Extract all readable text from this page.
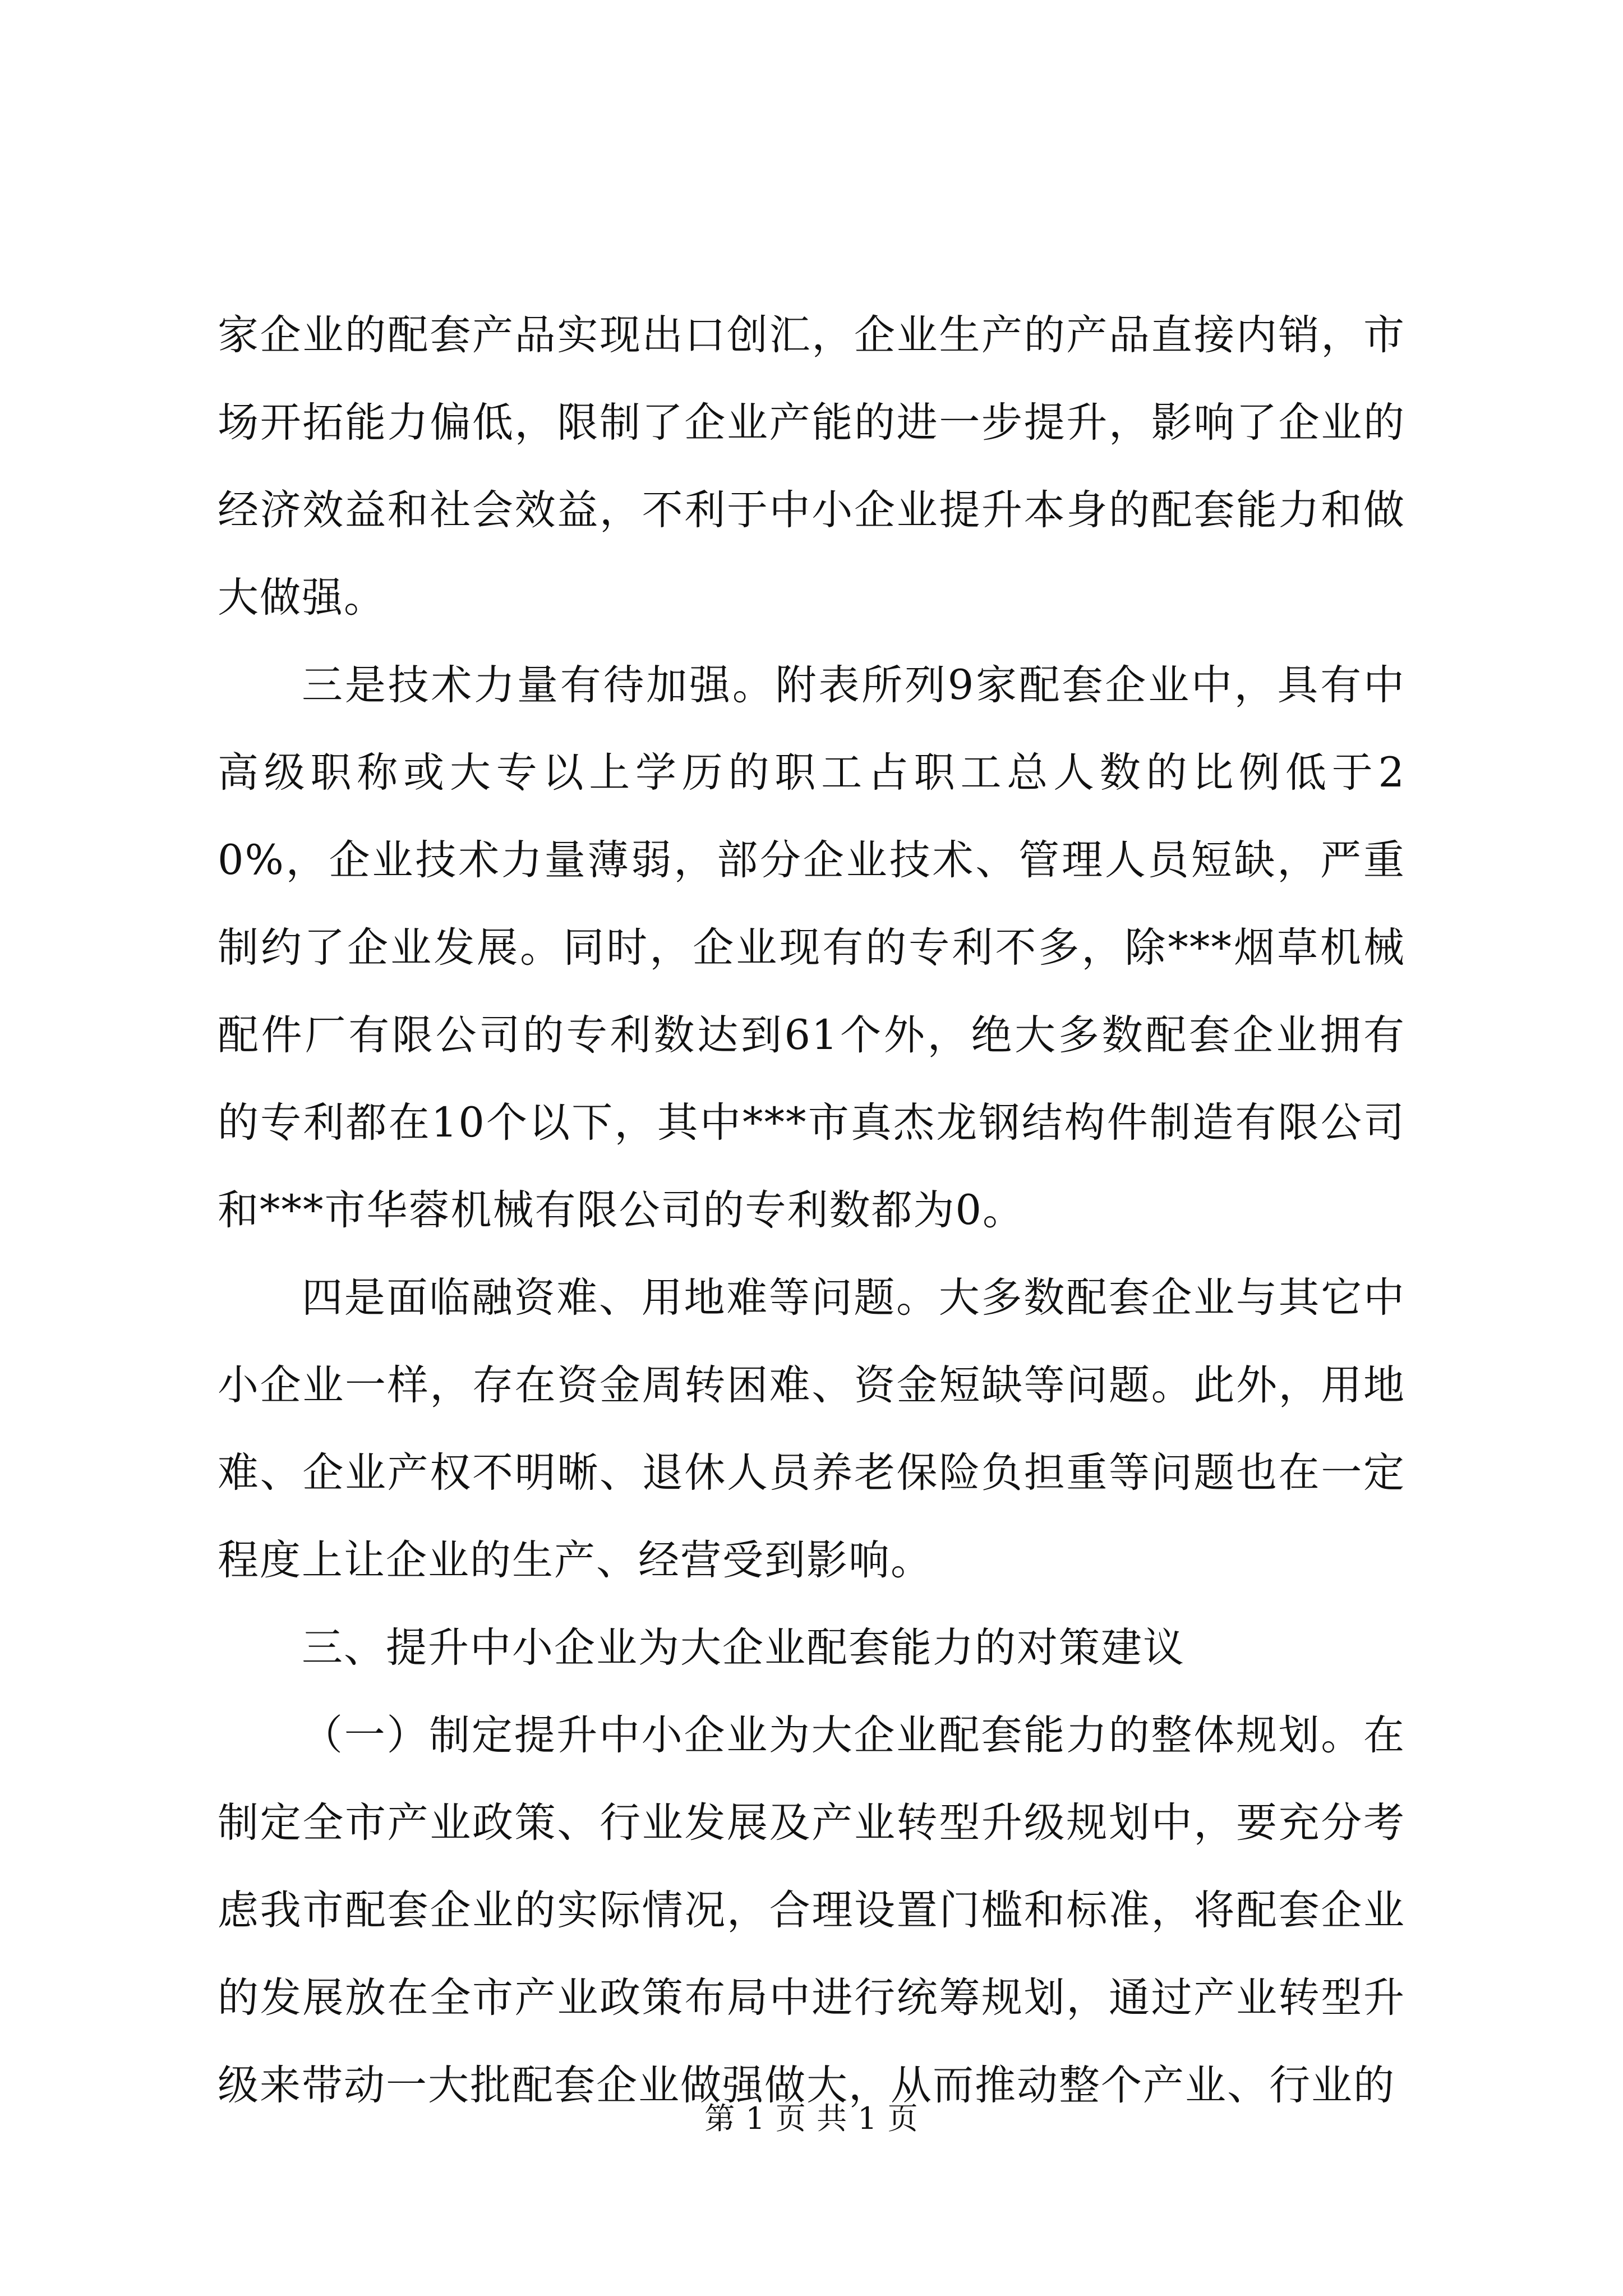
家企业的配套产品实现出口创汇，企业生产的产品直接内销，市场开拓能力偏低，限制了企业产能的进一步提升，影响了企业的经济效益和社会效益，不利于中小企业提升本身的配套能力和做大做强。

三是技术力量有待加强。附表所列9家配套企业中，具有中高级职称或大专以上学历的职工占职工总人数的比例低于20%，企业技术力量薄弱，部分企业技术、管理人员短缺，严重制约了企业发展。同时，企业现有的专利不多，除***烟草机械配件厂有限公司的专利数达到61个外，绝大多数配套企业拥有的专利都在10个以下，其中***市真杰龙钢结构件制造有限公司和***市华蓉机械有限公司的专利数都为0。

四是面临融资难、用地难等问题。大多数配套企业与其它中小企业一样，存在资金周转困难、资金短缺等问题。此外，用地难、企业产权不明晰、退休人员养老保险负担重等问题也在一定程度上让企业的生产、经营受到影响。

三、提升中小企业为大企业配套能力的对策建议

（一）制定提升中小企业为大企业配套能力的整体规划。在制定全市产业政策、行业发展及产业转型升级规划中，要充分考虑我市配套企业的实际情况，合理设置门槛和标准，将配套企业的发展放在全市产业政策布局中进行统筹规划，通过产业转型升级来带动一大批配套企业做强做大，从而推动整个产业、行业的

第 1 页 共 1 页
